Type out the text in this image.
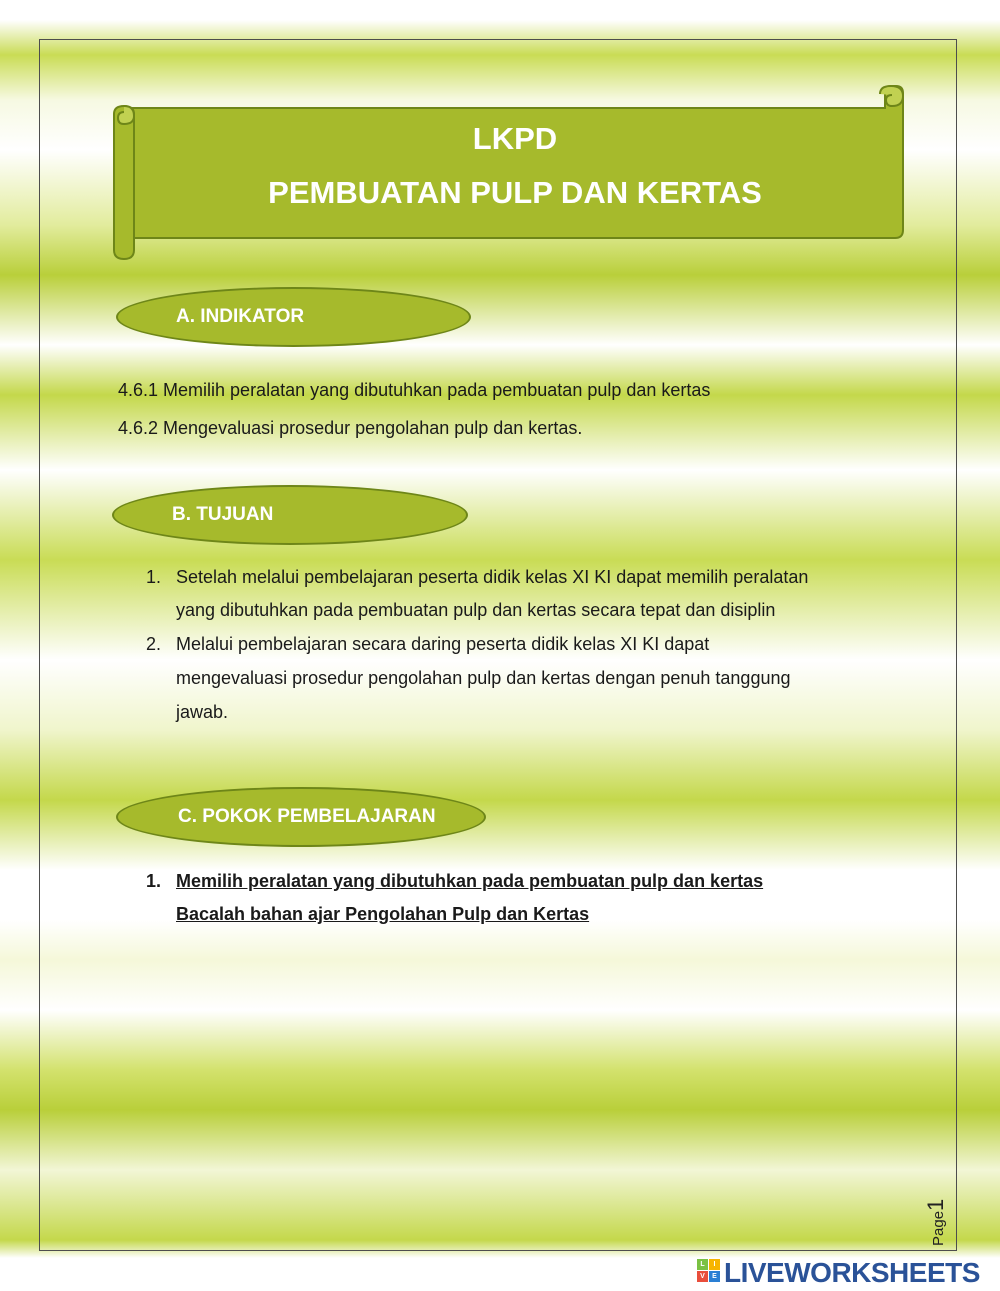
LKPD
PEMBUATAN PULP DAN KERTAS
A. INDIKATOR
4.6.1 Memilih peralatan yang dibutuhkan pada pembuatan pulp dan kertas
4.6.2 Mengevaluasi prosedur pengolahan pulp dan kertas.
B. TUJUAN
1. Setelah melalui pembelajaran peserta didik kelas XI KI dapat memilih peralatan
yang dibutuhkan pada pembuatan pulp dan kertas secara tepat dan disiplin
2. Melalui pembelajaran secara daring peserta didik kelas XI KI dapat
mengevaluasi prosedur pengolahan pulp dan kertas dengan penuh tanggung
jawab.
C. POKOK PEMBELAJARAN
1. Memilih peralatan yang dibutuhkan pada pembuatan pulp dan kertas
Bacalah bahan ajar Pengolahan Pulp dan Kertas
Page1
L	I
V	E LIVEWORKSHEETS
